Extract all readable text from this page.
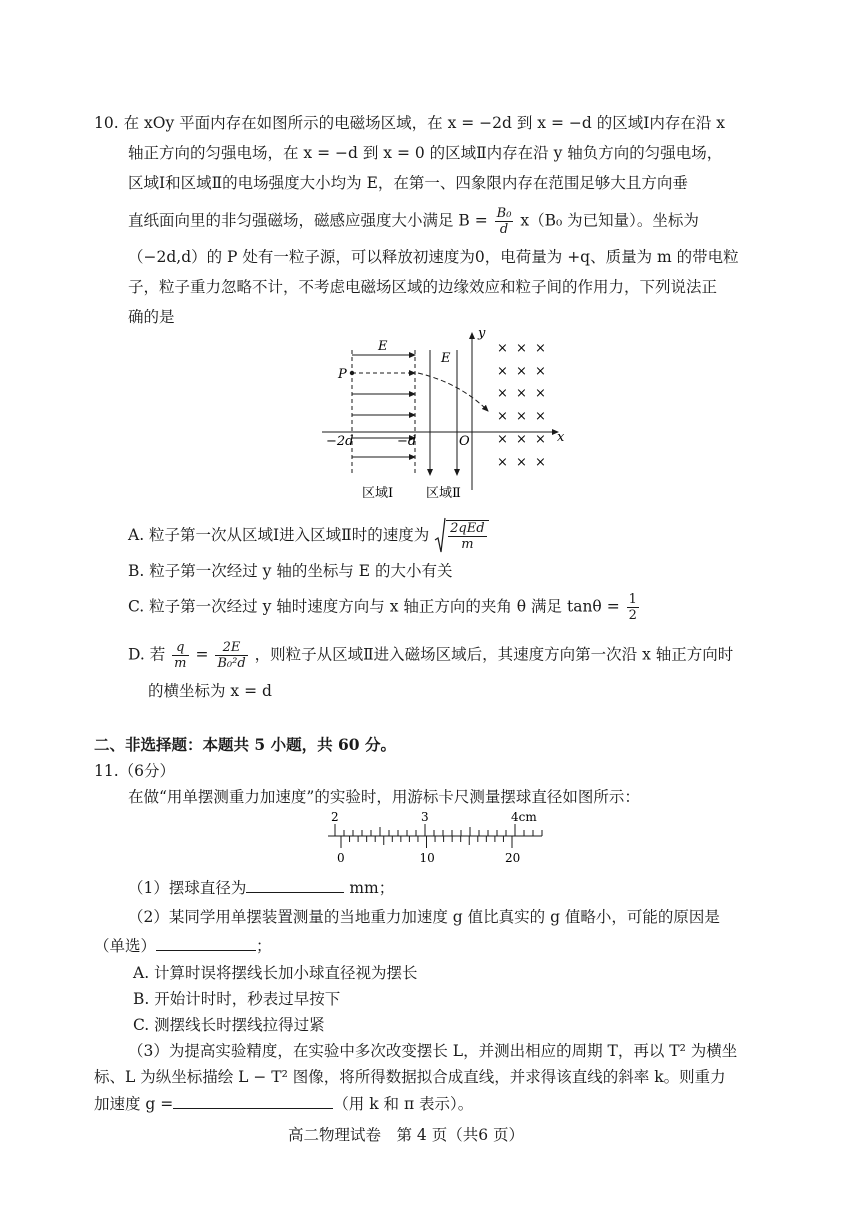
10. 在 xOy 平面内存在如图所示的电磁场区域，在 x = −2d 到 x = −d 的区域Ⅰ内存在沿 x
轴正方向的匀强电场，在 x = −d 到 x = 0 的区域Ⅱ内存在沿 y 轴负方向的匀强电场，
区域Ⅰ和区域Ⅱ的电场强度大小均为 E，在第一、四象限内存在范围足够大且方向垂
直纸面向里的非匀强磁场，磁感应强度大小满足 $B = \frac{\text{B₀}}{d} x(B_0$ 为已知量）。坐标为
（−2d,d）的 P 处有一粒子源，可以释放初速度为0，电荷量为 +q、质量为 m 的带电粒
子，粒子重力忽略不计，不考虑电磁场区域的边缘效应和粒子间的作用力，下列说法正
确的是
P
E
E
y
x
O
−2d	−d
区域Ⅰ	区域Ⅱ
× × ×
× × ×
× × ×
× × ×
× × ×
× × ×
A. 粒子第一次从区域Ⅰ进入区域Ⅱ时的速度为 $\frac{\text{2qEd}}{m}$
B. 粒子第一次经过 y 轴的坐标与 E 的大小有关
C. 粒子第一次经过 y 轴时速度方向与 x 轴正方向的夹角 θ 满足 $\tan\theta = \frac{1}{2}$
D. 若 $\frac{q}{m} = \frac{2E}{\text{B₀²d}}$ ，则粒子从区域Ⅱ进入磁场区域后，其速度方向第一次沿 x 轴正方向时
的横坐标为 x = d
二、非选择题：本题共 5 小题，共 60 分。
11.（6分）
在做“用单摆测重力加速度”的实验时，用游标卡尺测量摆球直径如图所示：
2	3	4cm
0	10	20
（1）摆球直径为	mm；
（2）某同学用单摆装置测量的当地重力加速度 g 值比真实的 g 值略小，可能的原因是
（单选）	；
A. 计算时误将摆线长加小球直径视为摆长
B. 开始计时时，秒表过早按下
C. 测摆线长时摆线拉得过紧
（3）为提高实验精度，在实验中多次改变摆长 L，并测出相应的周期 T，再以 T² 为横坐
标、L 为纵坐标描绘 L − T² 图像，将所得数据拟合成直线，并求得该直线的斜率 k。则重力
加速度 g =	（用 k 和 π 表示）。
高二物理试卷　第 4 页（共6 页）
